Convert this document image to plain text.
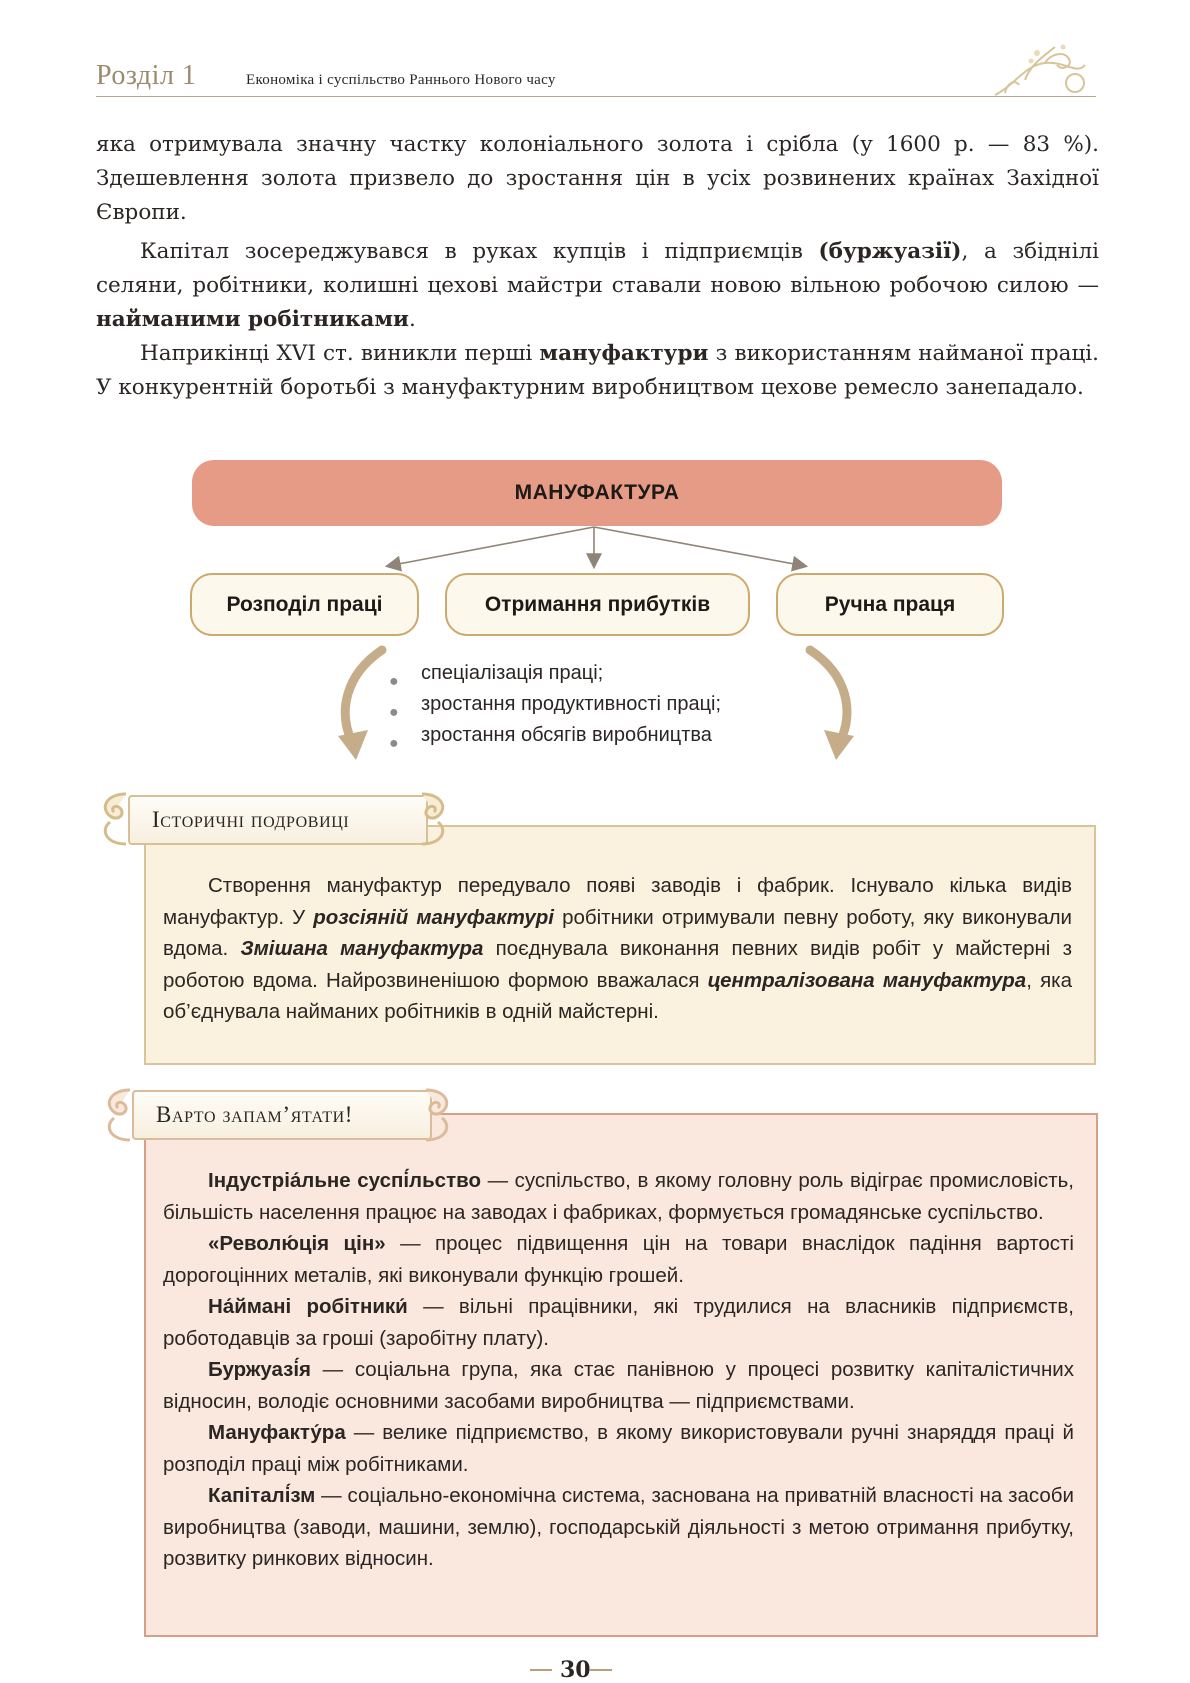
Розділ 1	Економіка і суспільство Раннього Нового часу

яка отримувала значну частку колоніального золота і срібла (у 1600 р. — 83 %). Здешевлення золота призвело до зростання цін в усіх розвинених країнах Західної Європи.

Капітал зосереджувався в руках купців і підприємців (буржуазії), а збіднілі селяни, робітники, колишні цехові майстри ставали новою вільною робочою силою — найманими робітниками.

Наприкінці XVI ст. виникли перші мануфактури з використанням найманої праці. У конкурентній боротьбі з мануфактурним виробництвом цехове ремесло занепадало.

МАНУФАКТУРА
Розподіл праці	Отримання прибутків	Ручна праця
● спеціалізація праці;
● зростання продуктивності праці;
● зростання обсягів виробництва

Створення мануфактур передувало появі заводів і фабрик. Існувало кілька видів мануфактур. У розсіяній мануфактурі робітники отримували певну роботу, яку виконували вдома. Змішана мануфактура поєднувала виконання певних видів робіт у майстерні з роботою вдома. Найрозвиненішою формою вважалася централізована мануфактура, яка об’єднувала найманих робітників в одній майстерні.

Історичні подровиці

Індустріа́льне суспі́льство — суспільство, в якому головну роль відіграє промисловість, більшість населення працює на заводах і фабриках, формується громадянське суспільство.

«Револю́ція цін» — процес підвищення цін на товари внаслідок падіння вартості дорогоцінних металів, які виконували функцію грошей.

На́ймані робітники́ — вільні працівники, які трудилися на власників підприємств, роботодавців за гроші (заробітну плату).

Буржуазі́я — соціальна група, яка стає панівною у процесі розвитку капіталістичних відносин, володіє основними засобами виробництва — підприємствами.

Мануфакту́ра — велике підприємство, в якому використовували ручні знаряддя праці й розподіл праці між робітниками.

Капіталі́зм — соціально-економічна система, заснована на приватній власності на засоби виробництва (заводи, машини, землю), господарській діяльності з метою отримання прибутку, розвитку ринкових відносин.

Варто запам’ятати!
30
